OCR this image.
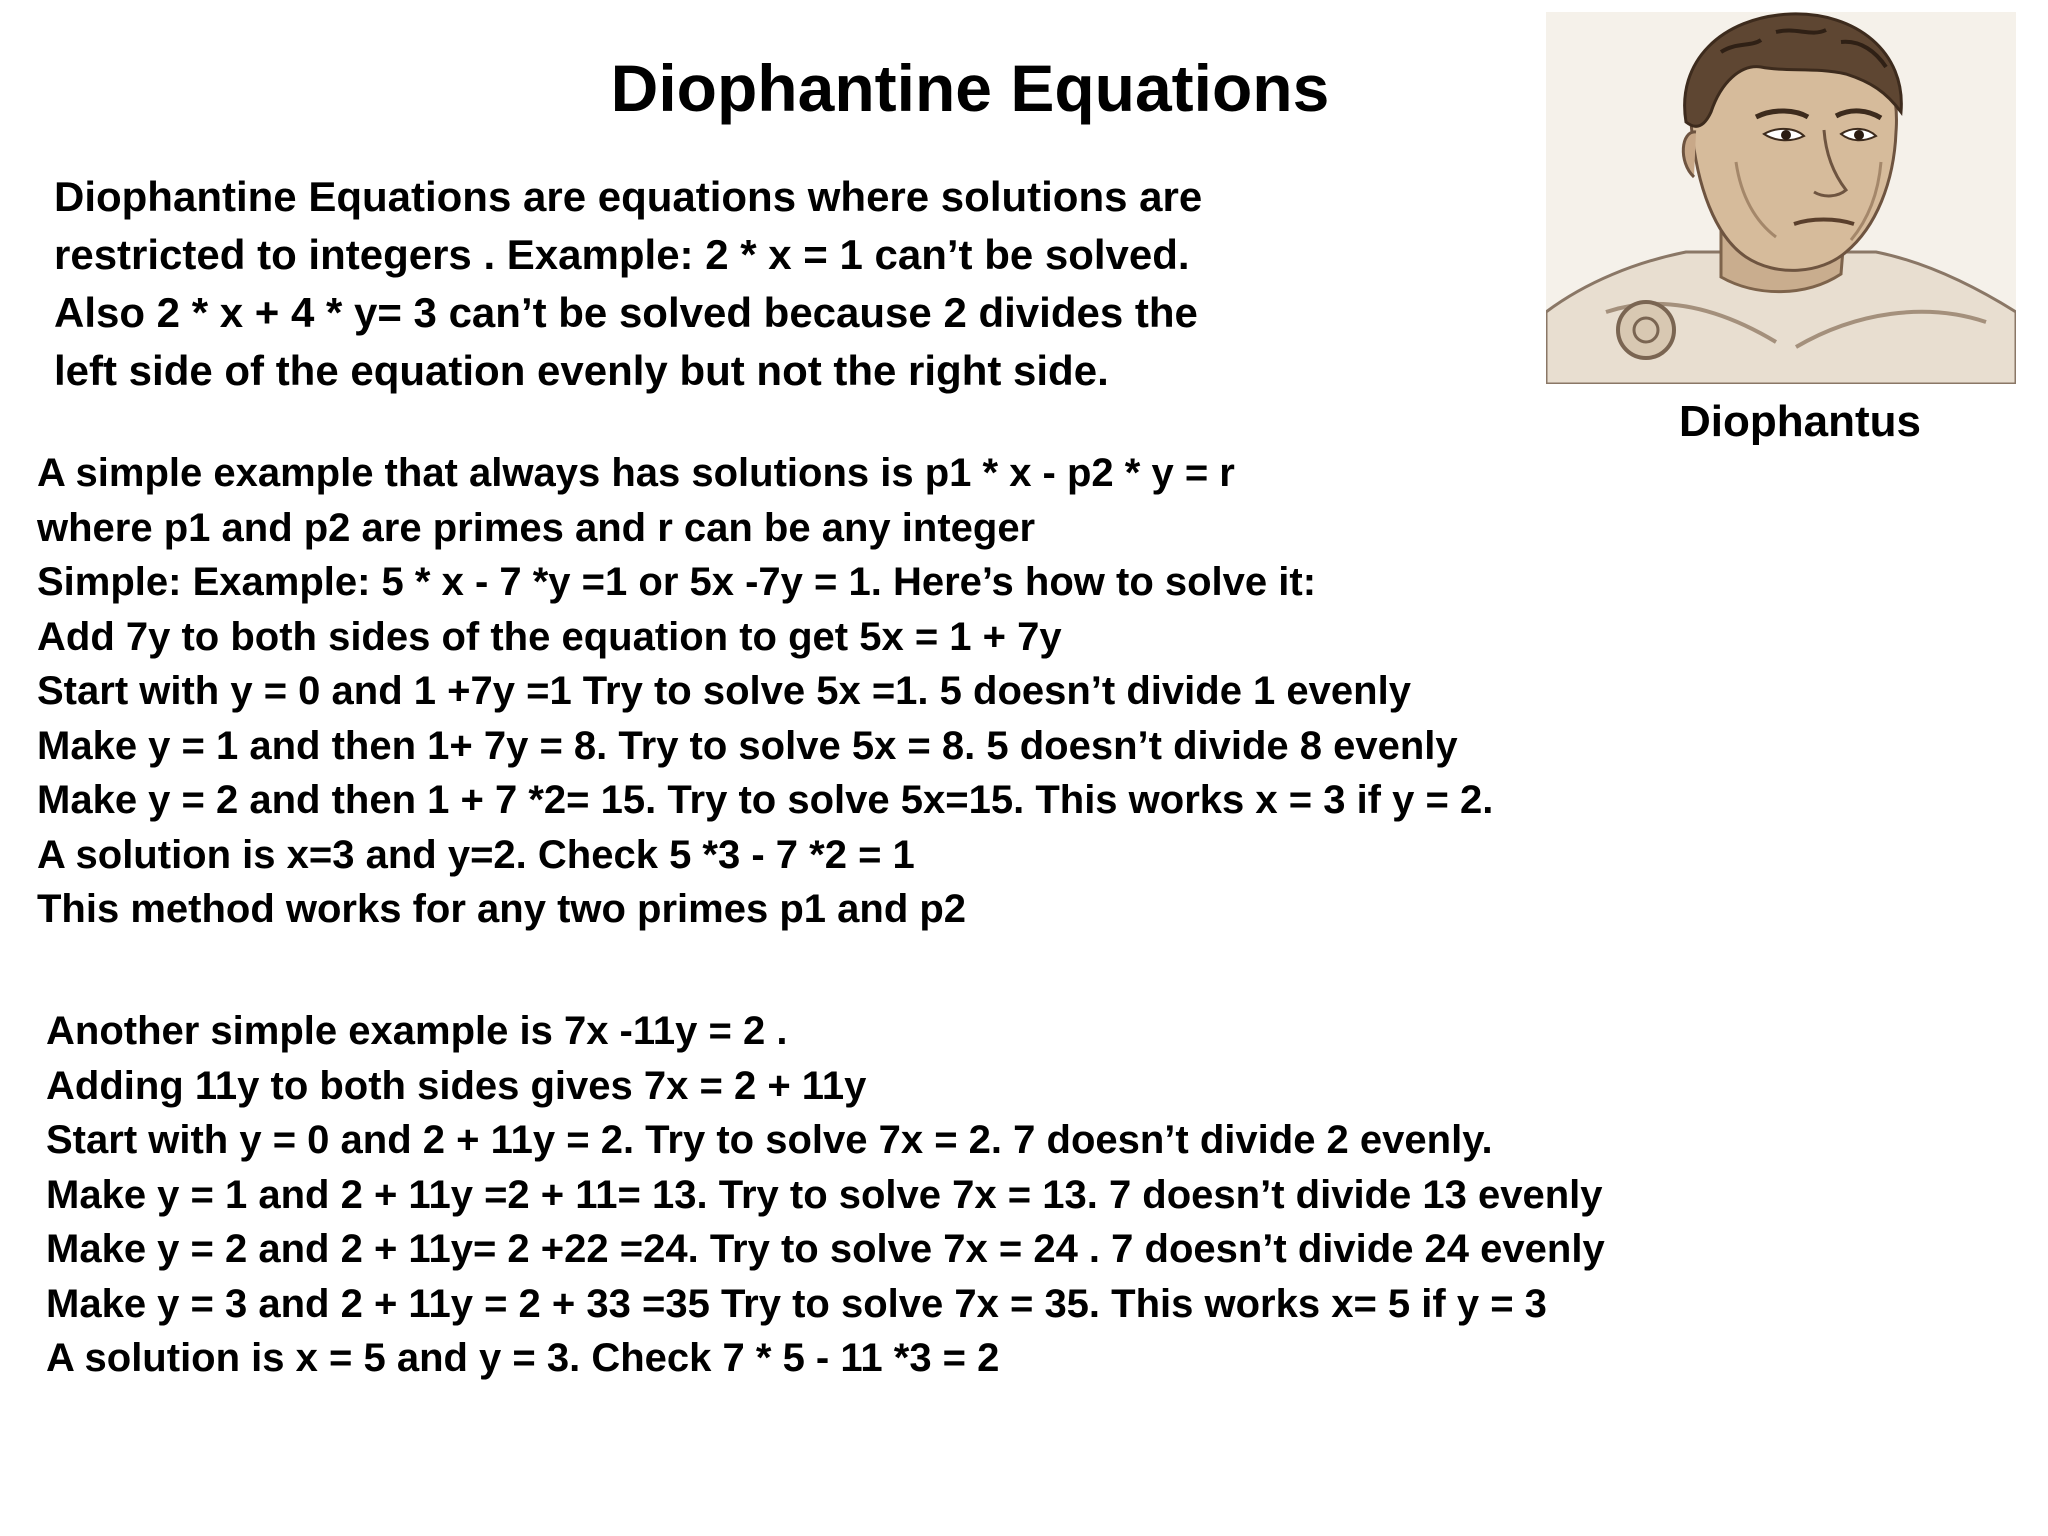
Diophantine Equations
Diophantine Equations are equations where solutions are
restricted to integers . Example: 2 * x = 1 can’t be solved.
Also 2 * x + 4 * y= 3 can’t be solved because 2 divides the
left side of the equation evenly but not the right side.
Diophantus
A simple example that always has solutions is p1 * x - p2 * y = r
where p1 and p2 are primes and r can be any integer
Simple: Example: 5 * x - 7 *y =1 or 5x -7y = 1. Here’s how to solve it:
Add 7y to both sides of the equation to get 5x = 1 + 7y
Start with y = 0 and 1 +7y =1 Try to solve 5x =1. 5 doesn’t divide 1 evenly
Make y = 1 and then 1+ 7y = 8. Try to solve 5x = 8. 5 doesn’t divide 8 evenly
Make y = 2 and then 1 + 7 *2= 15. Try to solve 5x=15. This works x = 3 if y = 2.
A solution is x=3 and y=2. Check 5 *3 - 7 *2 = 1
This method works for any two primes p1 and p2
Another simple example is 7x -11y = 2 .
Adding 11y to both sides gives 7x = 2 + 11y
Start with y = 0 and 2 + 11y = 2. Try to solve 7x = 2. 7 doesn’t divide 2 evenly.
Make y = 1 and 2 + 11y =2 + 11= 13. Try to solve 7x = 13. 7 doesn’t divide 13 evenly
Make y = 2 and 2 + 11y= 2 +22 =24. Try to solve 7x = 24 . 7 doesn’t divide 24 evenly
Make y = 3 and 2 + 11y = 2 + 33 =35 Try to solve 7x = 35. This works x= 5 if y = 3
A solution is x = 5 and y = 3. Check 7 * 5 - 11 *3 = 2
